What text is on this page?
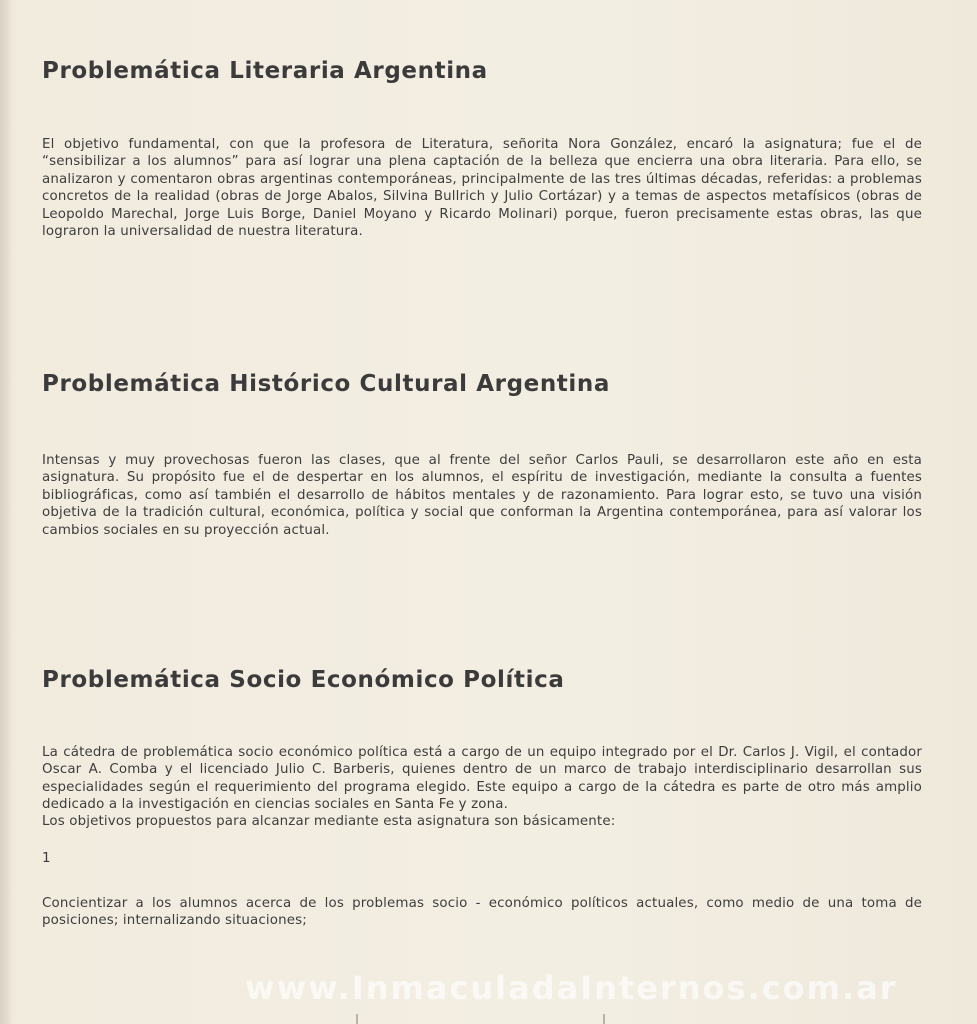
Problemática Literaria Argentina

El objetivo fundamental, con que la profesora de Literatura, señorita Nora González, encaró la asignatura; fue el de “sensibilizar a los alumnos” para así lograr una plena captación de la belleza que encierra una obra literaria. Para ello, se analizaron y comentaron obras argentinas contemporáneas, principalmente de las tres últimas décadas, referidas: a problemas concretos de la realidad (obras de Jorge Abalos, Silvina Bullrich y Julio Cortázar) y a temas de aspectos metafísicos (obras de Leopoldo Marechal, Jorge Luis Borge, Daniel Moyano y Ricardo Molinari) porque, fueron precisamente estas obras, las que lograron la universalidad de nuestra literatura.

Problemática Histórico Cultural Argentina

Intensas y muy provechosas fueron las clases, que al frente del señor Carlos Pauli, se desarrollaron este año en esta asignatura. Su propósito fue el de despertar en los alumnos, el espíritu de investigación, mediante la consulta a fuentes bibliográficas, como así también el desarrollo de hábitos mentales y de razonamiento. Para lograr esto, se tuvo una visión objetiva de la tradición cultural, económica, política y social que conforman la Argentina contemporánea, para así valorar los cambios sociales en su proyección actual.

Problemática Socio Económico Política

La cátedra de problemática socio económico política está a cargo de un equipo integrado por el Dr. Carlos J. Vigil, el contador Oscar A. Comba y el licenciado Julio C. Barberis, quienes dentro de un marco de trabajo interdisciplinario desarrollan sus especialidades según el requerimiento del programa elegido. Este equipo a cargo de la cátedra es parte de otro más amplio dedicado a la investigación en ciencias sociales en Santa Fe y zona.

Los objetivos propuestos para alcanzar mediante esta asignatura son básicamente:

1

Concientizar a los alumnos acerca de los problemas socio - económico políticos actuales, como medio de una toma de posiciones; internalizando situaciones;

www.InmaculadaInternos.com.ar
